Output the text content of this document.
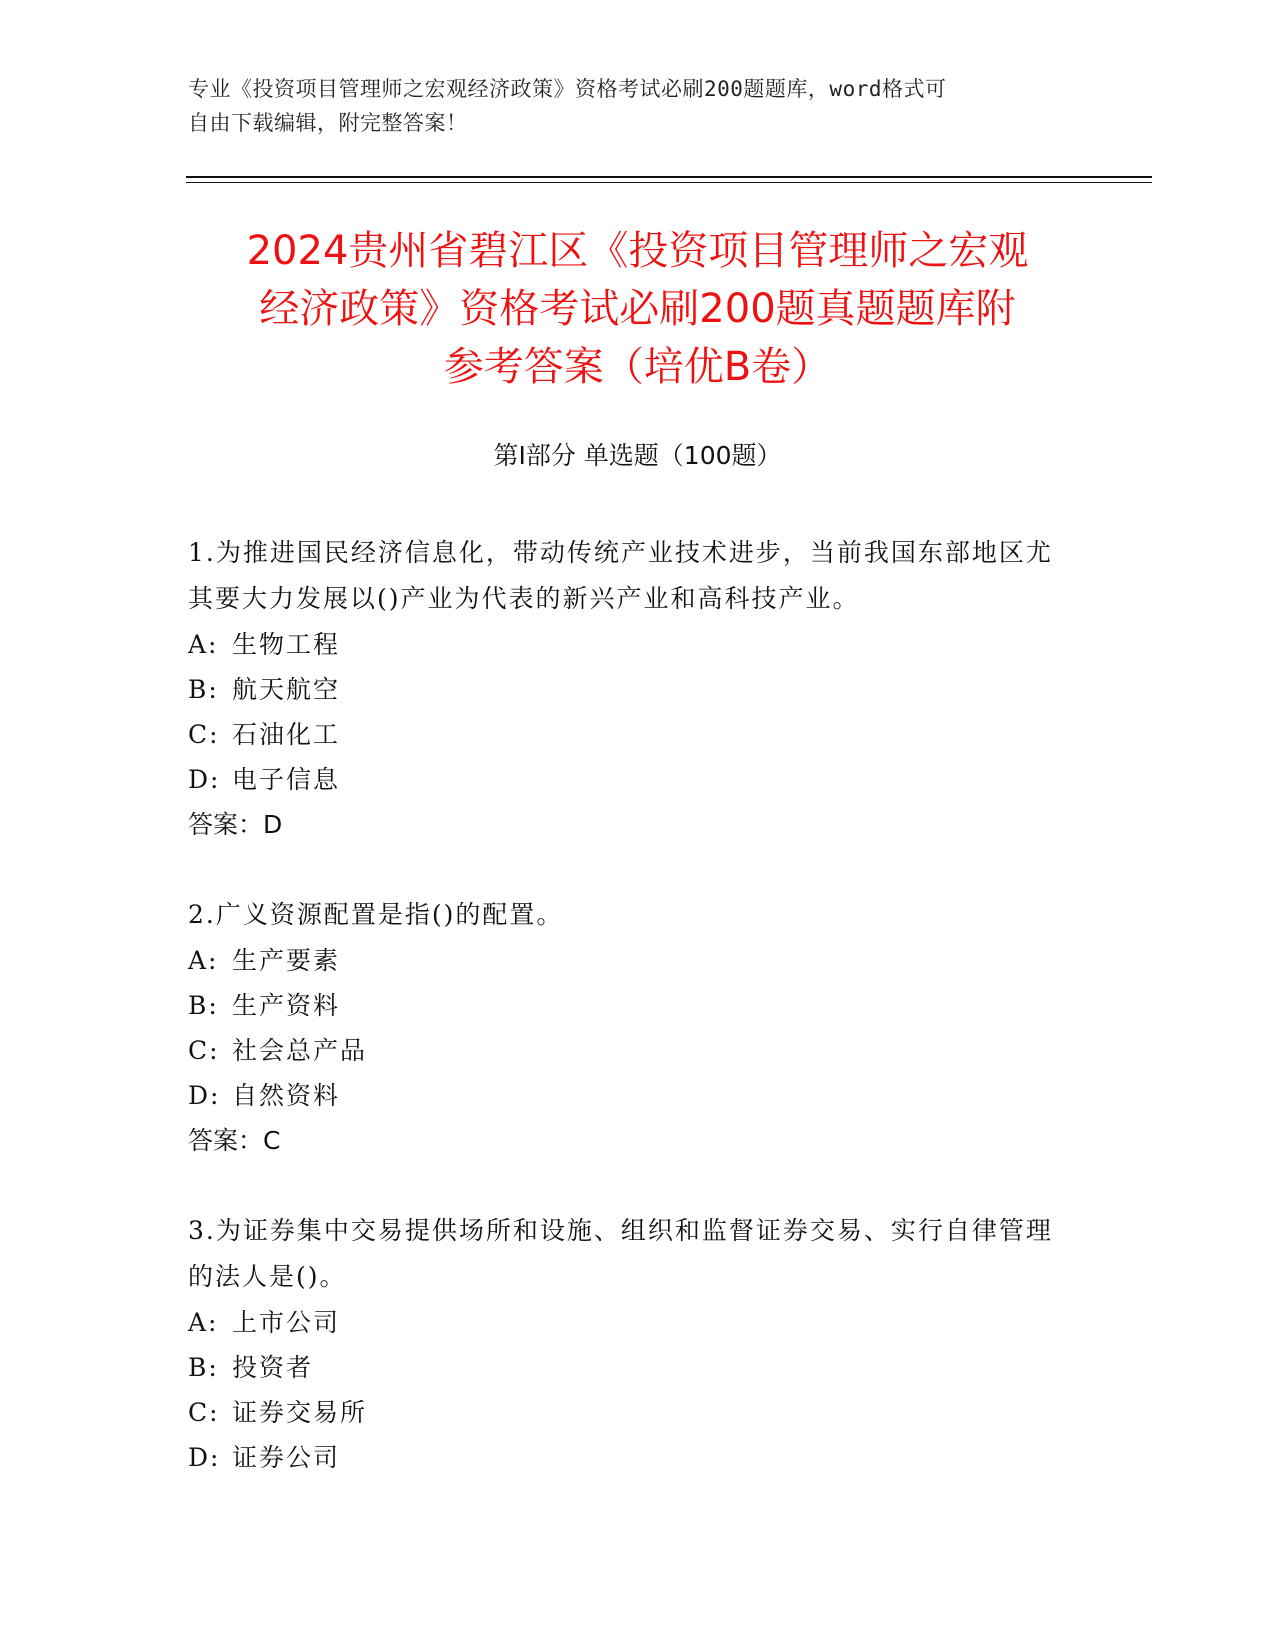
专业《投资项目管理师之宏观经济政策》资格考试必刷200题题库，word格式可
自由下载编辑，附完整答案！
2024贵州省碧江区《投资项目管理师之宏观
经济政策》资格考试必刷200题真题题库附
参考答案（培优B卷）
第I部分 单选题（100题）
1.为推进国民经济信息化，带动传统产业技术进步，当前我国东部地区尤其要大力发展以()产业为代表的新兴产业和高科技产业。
A: 生物工程
B: 航天航空
C: 石油化工
D: 电子信息
答案：D
2.广义资源配置是指()的配置。
A: 生产要素
B: 生产资料
C: 社会总产品
D: 自然资料
答案：C
3.为证券集中交易提供场所和设施、组织和监督证券交易、实行自律管理的法人是()。
A: 上市公司
B: 投资者
C: 证券交易所
D: 证券公司
